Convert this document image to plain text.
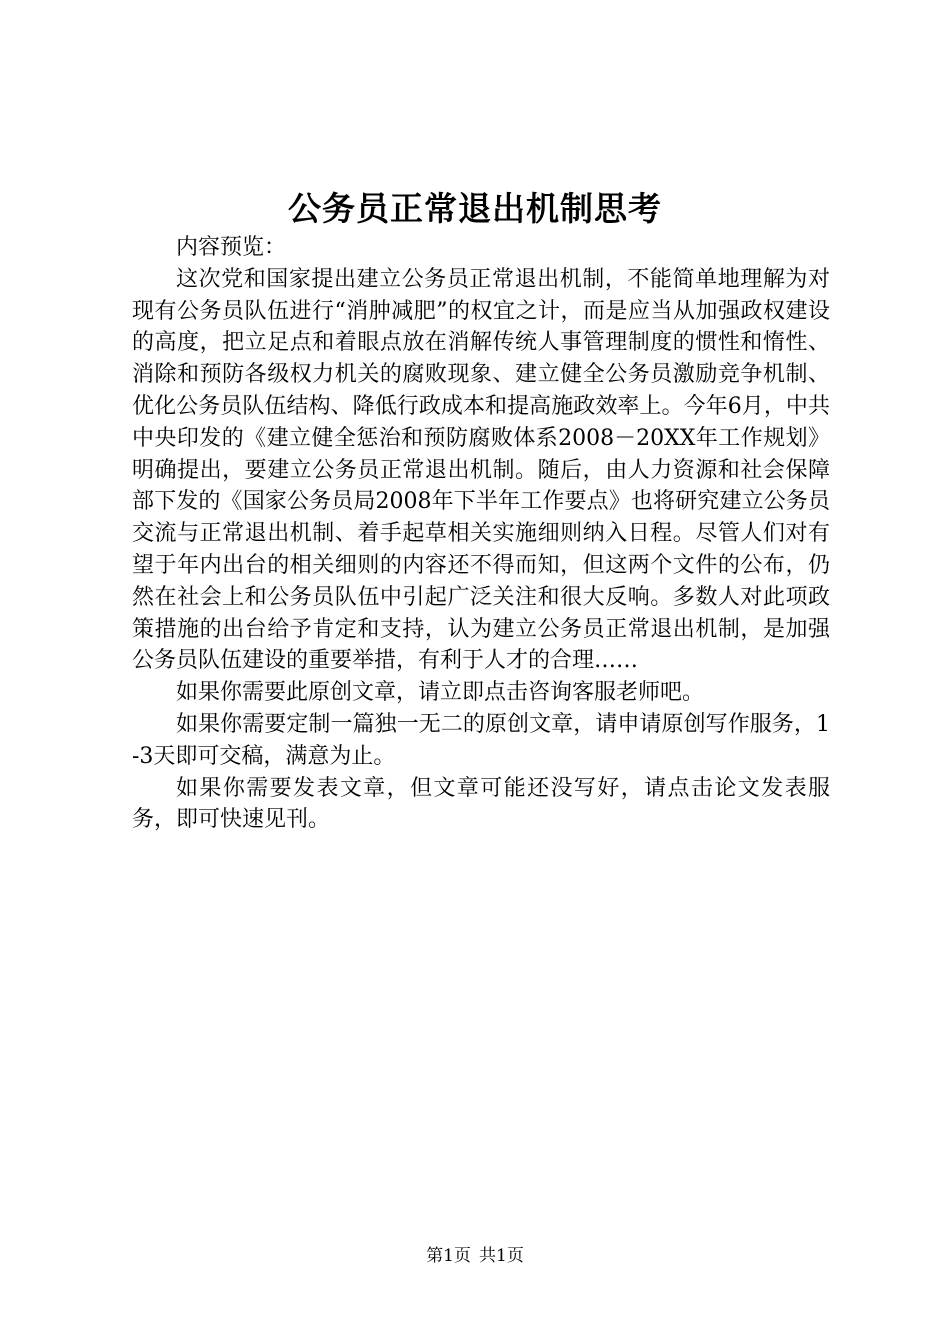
公务员正常退出机制思考

内容预览：

这次党和国家提出建立公务员正常退出机制，不能简单地理解为对现有公务员队伍进行“消肿减肥”的权宜之计，而是应当从加强政权建设的高度，把立足点和着眼点放在消解传统人事管理制度的惯性和惰性、消除和预防各级权力机关的腐败现象、建立健全公务员激励竞争机制、优化公务员队伍结构、降低行政成本和提高施政效率上。今年6月，中共中央印发的《建立健全惩治和预防腐败体系2008－20XX年工作规划》明确提出，要建立公务员正常退出机制。随后，由人力资源和社会保障部下发的《国家公务员局2008年下半年工作要点》也将研究建立公务员交流与正常退出机制、着手起草相关实施细则纳入日程。尽管人们对有望于年内出台的相关细则的内容还不得而知，但这两个文件的公布，仍然在社会上和公务员队伍中引起广泛关注和很大反响。多数人对此项政策措施的出台给予肯定和支持，认为建立公务员正常退出机制，是加强公务员队伍建设的重要举措，有利于人才的合理……

如果你需要此原创文章，请立即点击咨询客服老师吧。

如果你需要定制一篇独一无二的原创文章，请申请原创写作服务，1-3天即可交稿，满意为止。

如果你需要发表文章，但文章可能还没写好，请点击论文发表服务，即可快速见刊。

第1页 共1页
